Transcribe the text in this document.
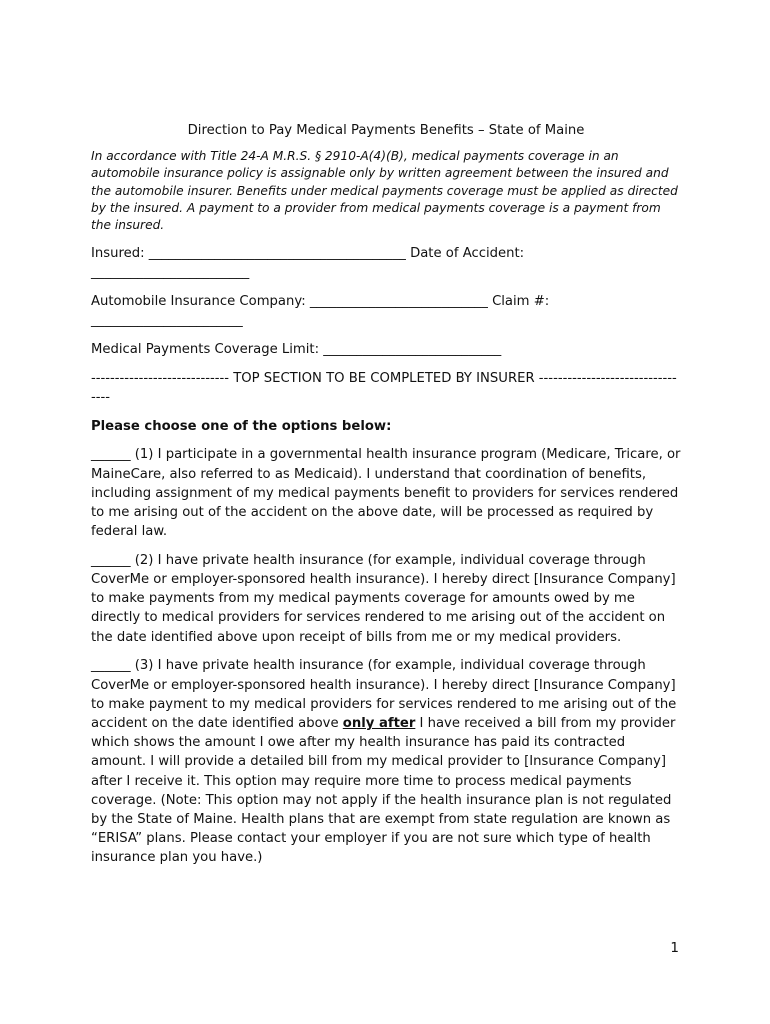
Direction to Pay Medical Payments Benefits – State of Maine

In accordance with Title 24-A M.R.S. § 2910-A(4)(B), medical payments coverage in an automobile insurance policy is assignable only by written agreement between the insured and the automobile insurer. Benefits under medical payments coverage must be applied as directed by the insured. A payment to a provider from medical payments coverage is a payment from the insured.

Insured: _______________________________________ Date of Accident: ________________________

Automobile Insurance Company: ___________________________ Claim #: _______________________

Medical Payments Coverage Limit: ___________________________

----------------------------- TOP SECTION TO BE COMPLETED BY INSURER ---------------------------------

Please choose one of the options below:

______ (1) I participate in a governmental health insurance program (Medicare, Tricare, or MaineCare, also referred to as Medicaid). I understand that coordination of benefits, including assignment of my medical payments benefit to providers for services rendered to me arising out of the accident on the above date, will be processed as required by federal law.

______ (2) I have private health insurance (for example, individual coverage through CoverMe or employer-sponsored health insurance). I hereby direct [Insurance Company] to make payments from my medical payments coverage for amounts owed by me directly to medical providers for services rendered to me arising out of the accident on the date identified above upon receipt of bills from me or my medical providers.

______ (3) I have private health insurance (for example, individual coverage through CoverMe or employer-sponsored health insurance). I hereby direct [Insurance Company] to make payment to my medical providers for services rendered to me arising out of the accident on the date identified above only after I have received a bill from my provider which shows the amount I owe after my health insurance has paid its contracted amount. I will provide a detailed bill from my medical provider to [Insurance Company] after I receive it. This option may require more time to process medical payments coverage. (Note: This option may not apply if the health insurance plan is not regulated by the State of Maine. Health plans that are exempt from state regulation are known as “ERISA” plans. Please contact your employer if you are not sure which type of health insurance plan you have.)

1
